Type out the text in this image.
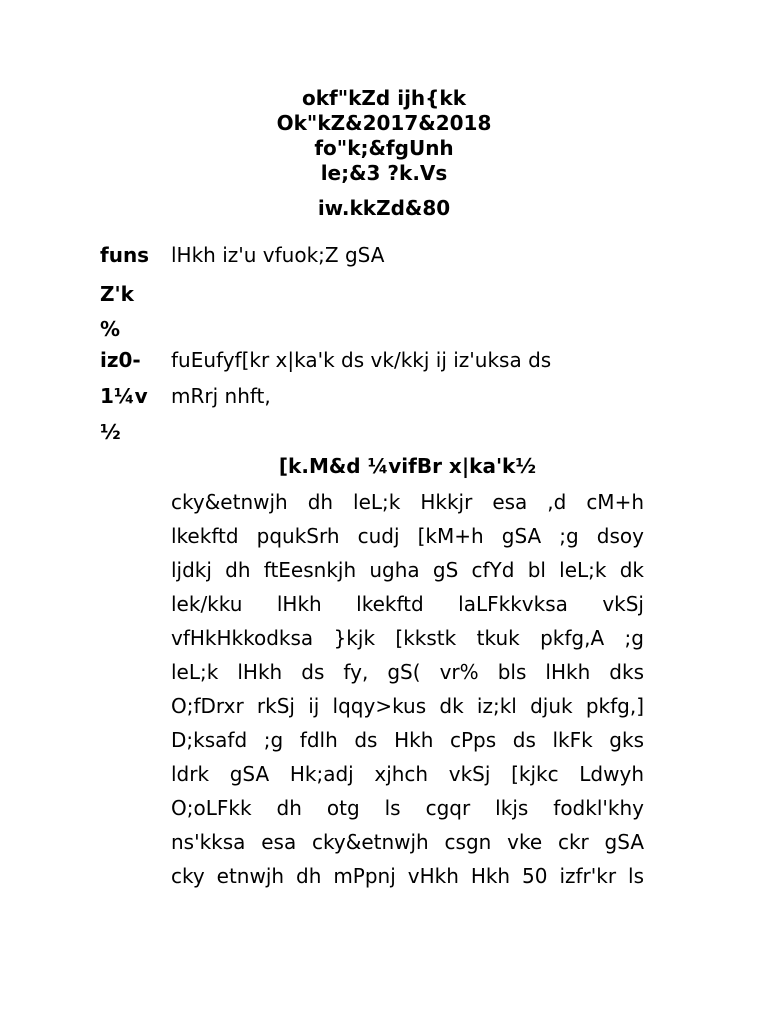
okf"kZd ijh{kk
Ok"kZ&2017&2018
fo"k;&fgUnh
le;&3 ?k.Vs
iw.kkZd&80
funs lHkh iz'u vfuok;Z gSA
Z'k
%
iz0- fuEufyf[kr x|ka'k ds vk/kkj ij iz'uksa ds
1¼v mRrj nhft,
½
[k.M&d ¼vifBr x|ka'k½
cky&etnwjh dh leL;k Hkkjr esa ,d cM+h
lkekftd pqukSrh cudj [kM+h gSA ;g dsoy
ljdkj dh ftEesnkjh ugha gS cfYd bl leL;k dk
lek/kku lHkh lkekftd laLFkkvksa vkSj
vfHkHkkodksa }kjk [kkstk tkuk pkfg,A ;g
leL;k lHkh ds fy, gS( vr% bls lHkh dks
O;fDrxr rkSj ij lqqy>kus dk iz;kl djuk pkfg,]
D;ksafd ;g fdlh ds Hkh cPps ds lkFk gks
ldrk gSA Hk;adj xjhch vkSj [kjkc Ldwyh
O;oLFkk dh otg ls cgqr lkjs fodkl'khy
ns'kksa esa cky&etnwjh csgn vke ckr gSA
cky etnwjh dh mPpnj vHkh Hkh 50 izfr'kr ls
